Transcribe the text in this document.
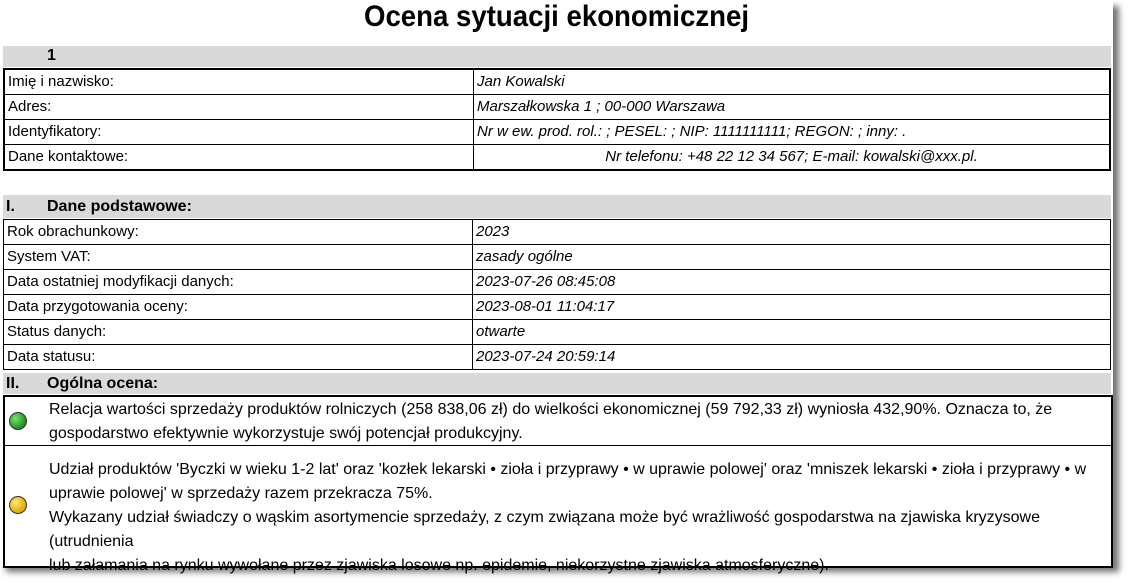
Ocena sytuacji ekonomicznej
1
Imię i nazwisko:	Jan Kowalski
Adres:	Marszałkowska 1 ; 00-000 Warszawa
Identyfikatory:	Nr w ew. prod. rol.: ; PESEL: ; NIP: 1111111111; REGON: ; inny: .
Dane kontaktowe:	Nr telefonu: +48 22 12 34 567; E-mail: kowalski@xxx.pl.
I. Dane podstawowe:
Rok obrachunkowy:	2023
System VAT:	zasady ogólne
Data ostatniej modyfikacji danych:	2023-07-26 08:45:08
Data przygotowania oceny:	2023-08-01 11:04:17
Status danych:	otwarte
Data statusu:	2023-07-24 20:59:14
II. Ogólna ocena:
Relacja wartości sprzedaży produktów rolniczych (258 838,06 zł) do wielkości ekonomicznej (59 792,33 zł) wyniosła 432,90%. Oznacza to, że
gospodarstwo efektywnie wykorzystuje swój potencjał produkcyjny.
Udział produktów 'Byczki w wieku 1-2 lat' oraz 'kozłek lekarski • zioła i przyprawy • w uprawie polowej' oraz 'mniszek lekarski • zioła i przyprawy • w
uprawie polowej' w sprzedaży razem przekracza 75%.
Wykazany udział świadczy o wąskim asortymencie sprzedaży, z czym związana może być wrażliwość gospodarstwa na zjawiska kryzysowe (utrudnienia
lub załamania na rynku wywołane przez zjawiska losowe np. epidemie, niekorzystne zjawiska atmosferyczne).
